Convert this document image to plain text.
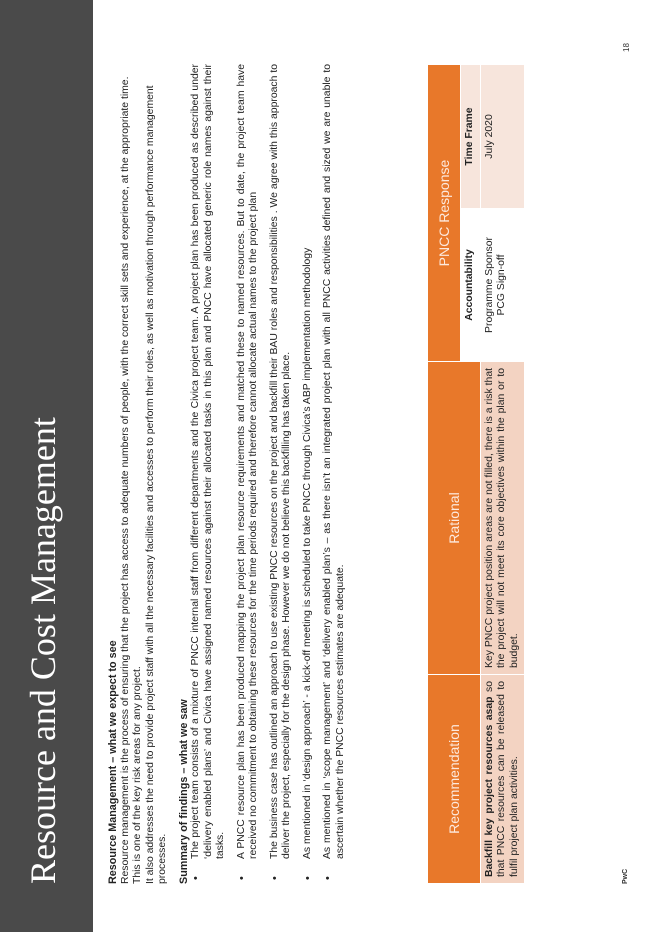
Resource and Cost Management	Resource Management – what we expect to see Resource management is the process of ensuring that the project has access to adequate numbers of people, with the correct skill sets and experience, at the appropriate time. This is one of the key risk areas for any project. It also addresses the need to provide project staff with all the necessary facilities and accesses to perform their roles, as well as motivation through performance management processes. Summary of findings – what we saw •
The project team consists of a mixture of PNCC internal staff from different departments and the Civica project team. A project plan has been produced as described under ‘delivery enabled plans’ and Civica have assigned named resources against their allocated tasks in this plan and PNCC have allocated generic role names against their tasks.
•
A PNCC resource plan has been produced mapping the project plan resource requirements and matched these to named resources. But to date, the project team have received no commitment to obtaining these resources for the time periods required and therefore cannot allocate actual names to the project plan
•
The business case has outlined an approach to use existing PNCC resources on the project and backfill their BAU roles and responsibilities . We agree with this approach to deliver the project, especially for the design phase. However we do not believe this backfilling has taken place.
•
As mentioned in ‘design approach’ - a kick-off meeting is scheduled to take PNCC through Civica’s ABP implementation methodology
•
As mentioned in ‘scope management’ and ‘delivery enabled plan’s – as there isn’t an integrated project plan with all PNCC activities defined and sized we are unable to ascertain whether the PNCC resources estimates are adequate.	Recommendation	Rational	PNCC Response	
		Accountability	Time Frame
Backfill key project resources asap so that PNCC resources can be released to fulfil project plan activities.	Key PNCC project position areas are not filled, there is a risk that the project will not meet its core objectives within the plan or to budget.	Programme Sponsor PCG Sign-off	July 2020
PwC
18
